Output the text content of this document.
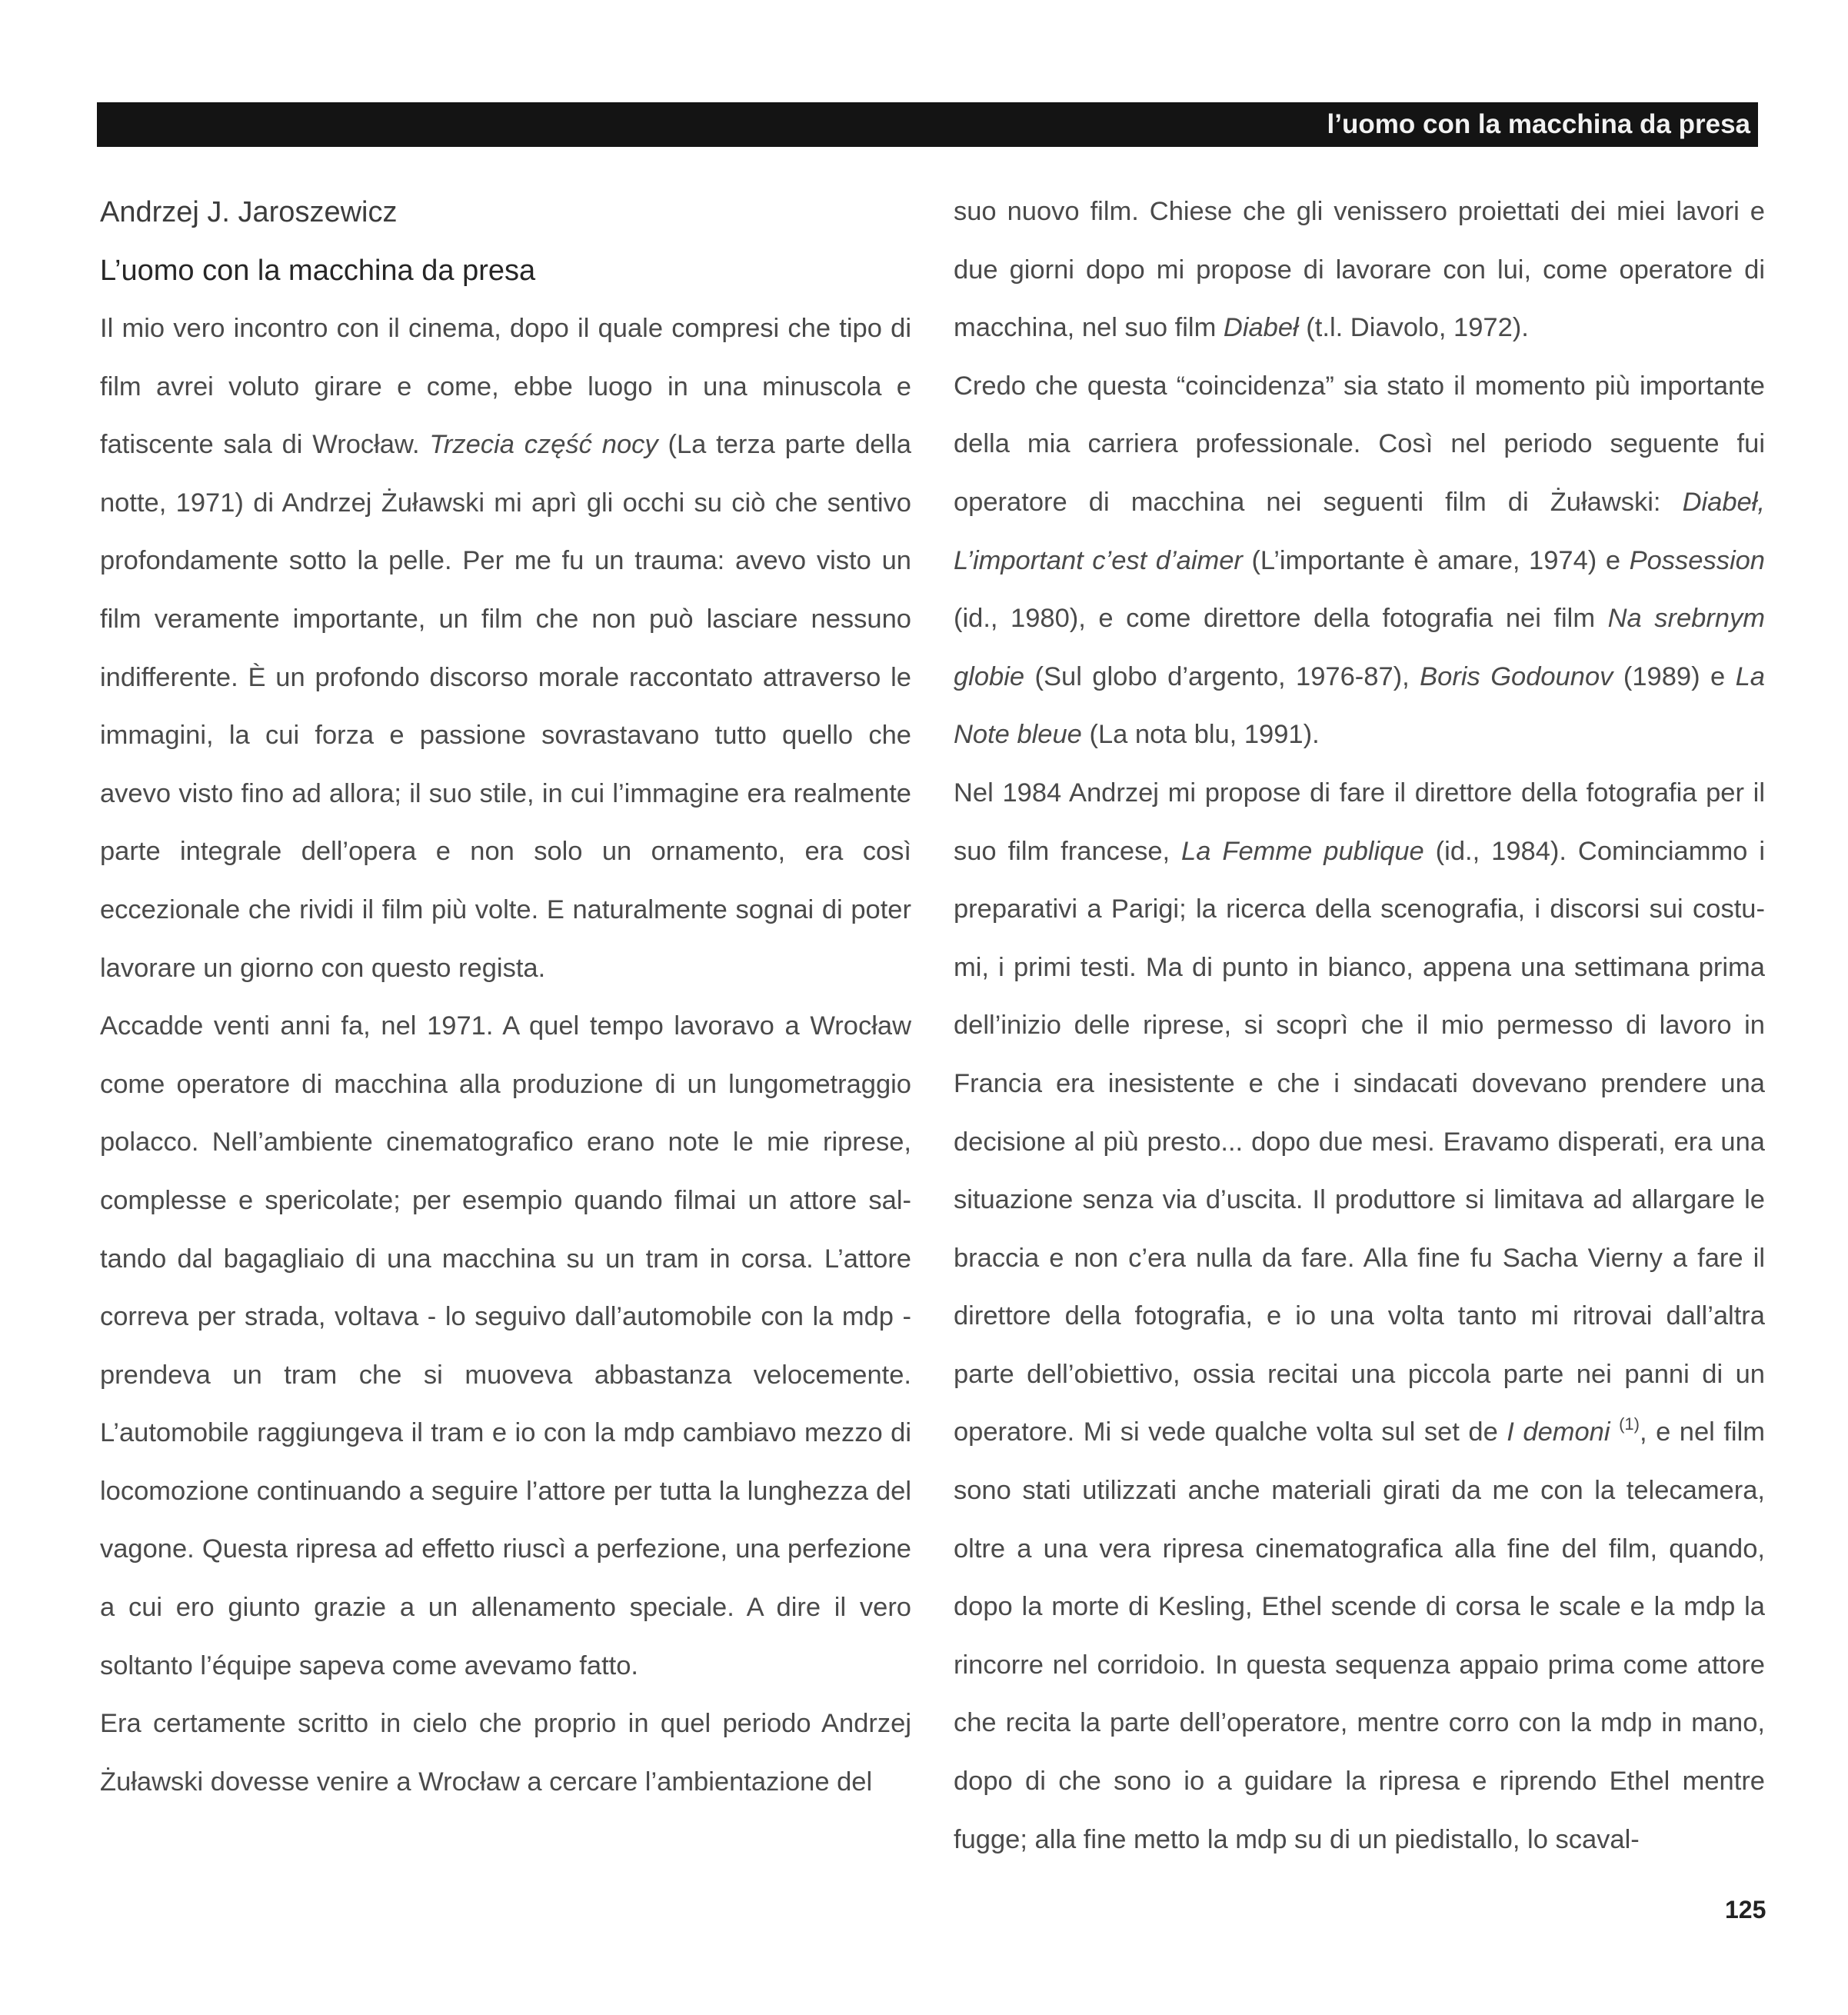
l’uomo con la macchina da presa

Andrzej J. Jaroszewicz

L’uomo con la macchina da presa

Il mio vero incontro con il cinema, dopo il quale compresi che tipo di film avrei voluto girare e come, ebbe luogo in una minuscola e fatiscente sala di Wrocław. Trzecia część nocy (La terza parte della notte, 1971) di Andrzej Żuławski mi aprì gli occhi su ciò che sentivo profondamente sotto la pelle. Per me fu un trauma: avevo visto un film veramente importante, un film che non può lasciare nessuno indifferente. È un profondo discorso morale raccontato attraverso le immagini, la cui forza e passione sovrastavano tutto quello che avevo visto fino ad allora; il suo stile, in cui l’immagine era realmente parte integrale dell’opera e non solo un ornamento, era così eccezionale che rividi il film più volte. E naturalmente sognai di poter lavorare un giorno con questo regista.

Accadde venti anni fa, nel 1971. A quel tempo lavoravo a Wrocław come operatore di macchina alla produzione di un lungometraggio polacco. Nell’ambiente cinematografico erano note le mie riprese, complesse e spericolate; per esempio quando filmai un attore saltando dal bagagliaio di una macchina su un tram in corsa. L’attore correva per strada, voltava - lo seguivo dall’automobile con la mdp - prendeva un tram che si muoveva abbastanza velocemente. L’automobile raggiungeva il tram e io con la mdp cambiavo mezzo di locomozione continuando a seguire l’attore per tutta la lunghezza del vagone. Questa ripresa ad effetto riuscì a perfezione, una perfezione a cui ero giunto grazie a un allenamento speciale. A dire il vero soltanto l’équipe sapeva come avevamo fatto.

Era certamente scritto in cielo che proprio in quel periodo Andrzej Żuławski dovesse venire a Wrocław a cercare l’ambientazione del

suo nuovo film. Chiese che gli venissero proiettati dei miei lavori e due giorni dopo mi propose di lavorare con lui, come operatore di macchina, nel suo film Diabeł (t.l. Diavolo, 1972).

Credo che questa “coincidenza” sia stato il momento più importante della mia carriera professionale. Così nel periodo seguente fui operatore di macchina nei seguenti film di Żuławski: Diabeł, L’important c’est d’aimer (L’importante è amare, 1974) e Possession (id., 1980), e come direttore della fotografia nei film Na srebrnym globie (Sul globo d’argento, 1976-87), Boris Godounov (1989) e La Note bleue (La nota blu, 1991).

Nel 1984 Andrzej mi propose di fare il direttore della fotografia per il suo film francese, La Femme publique (id., 1984). Cominciammo i preparativi a Parigi; la ricerca della scenografia, i discorsi sui costumi, i primi testi. Ma di punto in bianco, appena una settimana prima dell’inizio delle riprese, si scoprì che il mio permesso di lavoro in Francia era inesistente e che i sindacati dovevano prendere una decisione al più presto... dopo due mesi. Eravamo disperati, era una situazione senza via d’uscita. Il produttore si limitava ad allargare le braccia e non c’era nulla da fare. Alla fine fu Sacha Vierny a fare il direttore della fotografia, e io una volta tanto mi ritrovai dall’altra parte dell’obiettivo, ossia recitai una piccola parte nei panni di un operatore. Mi si vede qualche volta sul set de I demoni $^{(1)}$, e nel film sono stati utilizzati anche materiali girati da me con la telecamera, oltre a una vera ripresa cinematografica alla fine del film, quando, dopo la morte di Kesling, Ethel scende di corsa le scale e la mdp la rincorre nel corridoio. In questa sequenza appaio prima come attore che recita la parte dell’operatore, mentre corro con la mdp in mano, dopo di che sono io a guidare la ripresa e riprendo Ethel mentre fugge; alla fine metto la mdp su di un piedistallo, lo scaval-

125
